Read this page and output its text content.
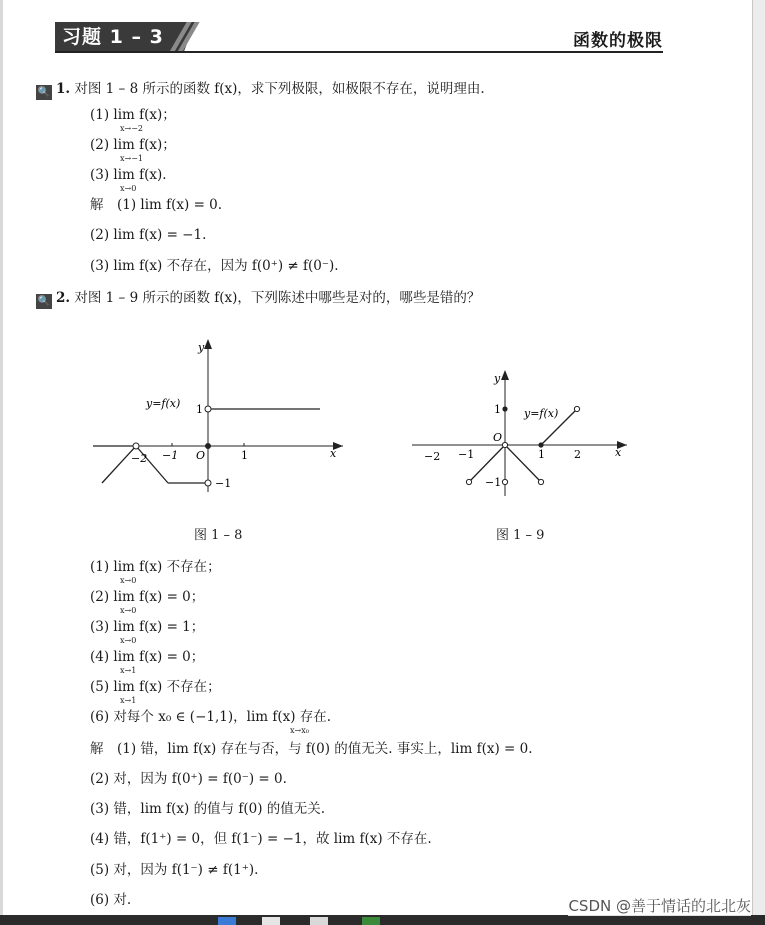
习题 1 – 3	函数的极限
🔍 1. 对图 1 – 8 所示的函数 f(x)，求下列极限，如极限不存在，说明理由.
(1) lim f(x)；
(2) lim f(x)；
(3) lim f(x).
x→−2
x→−1
x→0
解　(1) lim f(x) = 0.
(2) lim f(x) = −1.
(3) lim f(x) 不存在，因为 f(0⁺) ≠ f(0⁻).
🔍 2. 对图 1 – 9 所示的函数 f(x)，下列陈述中哪些是对的，哪些是错的？
−2 −1	1
1
−1
O
y
x
y=f(x)
图 1 – 8
−2 −1	1	2
1
−1
O
y
x
y=f(x)
图 1 – 9
(1) lim f(x) 不存在；
(2) lim f(x) = 0；
(3) lim f(x) = 1；
(4) lim f(x) = 0；
(5) lim f(x) 不存在；
(6) 对每个 x₀ ∈ (−1,1)，lim f(x) 存在.
x→0
x→0
x→0
x→1
x→1
x→x₀
解　(1) 错，lim f(x) 存在与否，与 f(0) 的值无关. 事实上，lim f(x) = 0.
(2) 对，因为 f(0⁺) = f(0⁻) = 0.
(3) 错，lim f(x) 的值与 f(0) 的值无关.
(4) 错，f(1⁺) = 0，但 f(1⁻) = −1，故 lim f(x) 不存在.
(5) 对，因为 f(1⁻) ≠ f(1⁺).
(6) 对.	CSDN @善于情话的北北灰
